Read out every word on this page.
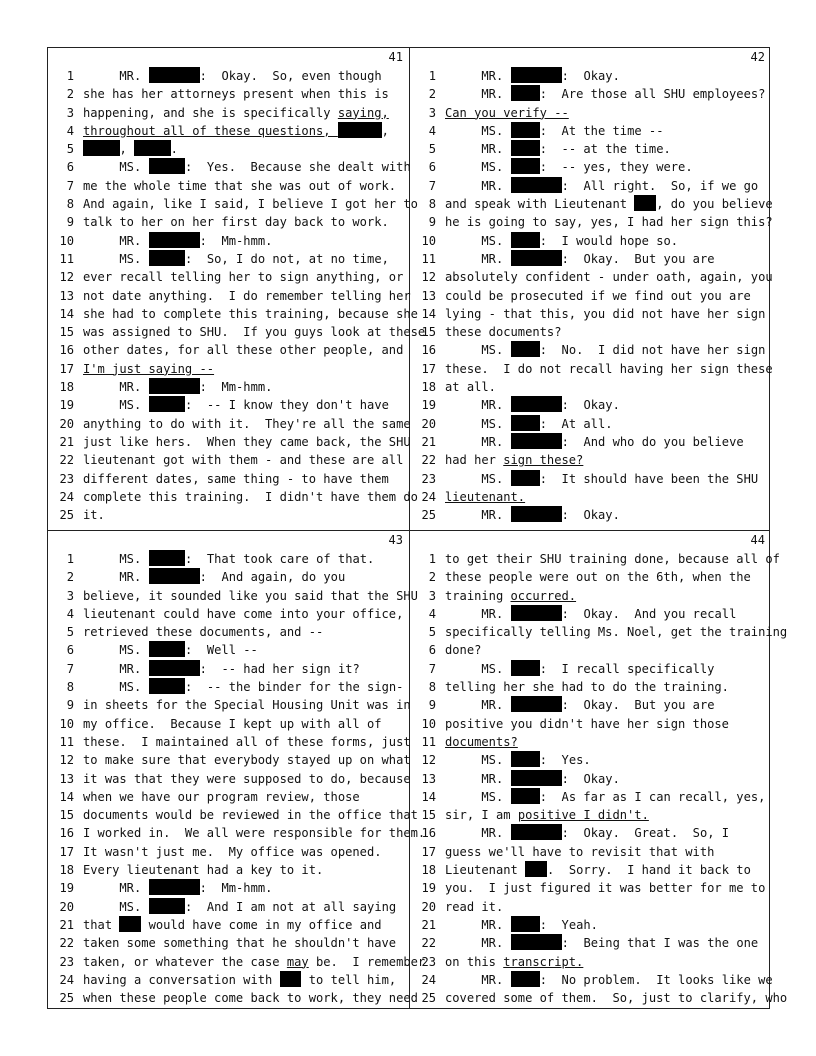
41
1 MR.	:  Okay.  So, even though
2 she has her attorneys present when this is
3 happening, and she is specifically saying,
4 throughout all of these questions,	,
5	,	.
6 MS.	:  Yes.  Because she dealt with
7 me the whole time that she was out of work.
8 And again, like I said, I believe I got her to
9 talk to her on her first day back to work.
10 MR.	:  Mm-hmm.
11 MS.	:  So, I do not, at no time,
12 ever recall telling her to sign anything, or
13 not date anything.  I do remember telling her
14 she had to complete this training, because she
15 was assigned to SHU.  If you guys look at these
16 other dates, for all these other people, and
17 I'm just saying --
18 MR.	:  Mm-hmm.
19 MS.	:  -- I know they don't have
20 anything to do with it.  They're all the same
21 just like hers.  When they came back, the SHU
22 lieutenant got with them - and these are all
23 different dates, same thing - to have them
24 complete this training.  I didn't have them do
25 it.
42
1 MR.	:  Okay.
2 MR. :  Are those all SHU employees?
3 Can you verify --
4 MS. :  At the time --
5 MR. :  -- at the time.
6 MS. :  -- yes, they were.
7 MR.	:  All right.  So, if we go
8 and speak with Lieutenant , do you believe
9 he is going to say, yes, I had her sign this?
10 MS. :  I would hope so.
11 MR.	:  Okay.  But you are
12 absolutely confident - under oath, again, you
13 could be prosecuted if we find out you are
14 lying - that this, you did not have her sign
15 these documents?
16 MS. :  No.  I did not have her sign
17 these.  I do not recall having her sign these
18 at all.
19 MR.	:  Okay.
20 MS. :  At all.
21 MR.	:  And who do you believe
22 had her sign these?
23 MS. :  It should have been the SHU
24 lieutenant.
25 MR.	:  Okay.
43
1 MS.	:  That took care of that.
2 MR.	:  And again, do you
3 believe, it sounded like you said that the SHU
4 lieutenant could have come into your office,
5 retrieved these documents, and --
6 MS.	:  Well --
7 MR.	:  -- had her sign it?
8 MS.	:  -- the binder for the sign-
9 in sheets for the Special Housing Unit was in
10 my office.  Because I kept up with all of
11 these.  I maintained all of these forms, just
12 to make sure that everybody stayed up on what
13 it was that they were supposed to do, because
14 when we have our program review, those
15 documents would be reviewed in the office that
16 I worked in.  We all were responsible for them.
17 It wasn't just me.  My office was opened.
18 Every lieutenant had a key to it.
19 MR.	:  Mm-hmm.
20 MS.	:  And I am not at all saying
21 that  would have come in my office and
22 taken some something that he shouldn't have
23 taken, or whatever the case may be.  I remember
24 having a conversation with  to tell him,
25 when these people come back to work, they need
44
1 to get their SHU training done, because all of
2 these people were out on the 6th, when the
3 training occurred.
4 MR.	:  Okay.  And you recall
5 specifically telling Ms. Noel, get the training
6 done?
7 MS. :  I recall specifically
8 telling her she had to do the training.
9 MR.	:  Okay.  But you are
10 positive you didn't have her sign those
11 documents?
12 MS. :  Yes.
13 MR.	:  Okay.
14 MS. :  As far as I can recall, yes,
15 sir, I am positive I didn't.
16 MR.	:  Okay.  Great.  So, I
17 guess we'll have to revisit that with
18 Lieutenant .  Sorry.  I hand it back to
19 you.  I just figured it was better for me to
20 read it.
21 MR. :  Yeah.
22 MR.	:  Being that I was the one
23 on this transcript.
24 MR. :  No problem.  It looks like we
25 covered some of them.  So, just to clarify, who
